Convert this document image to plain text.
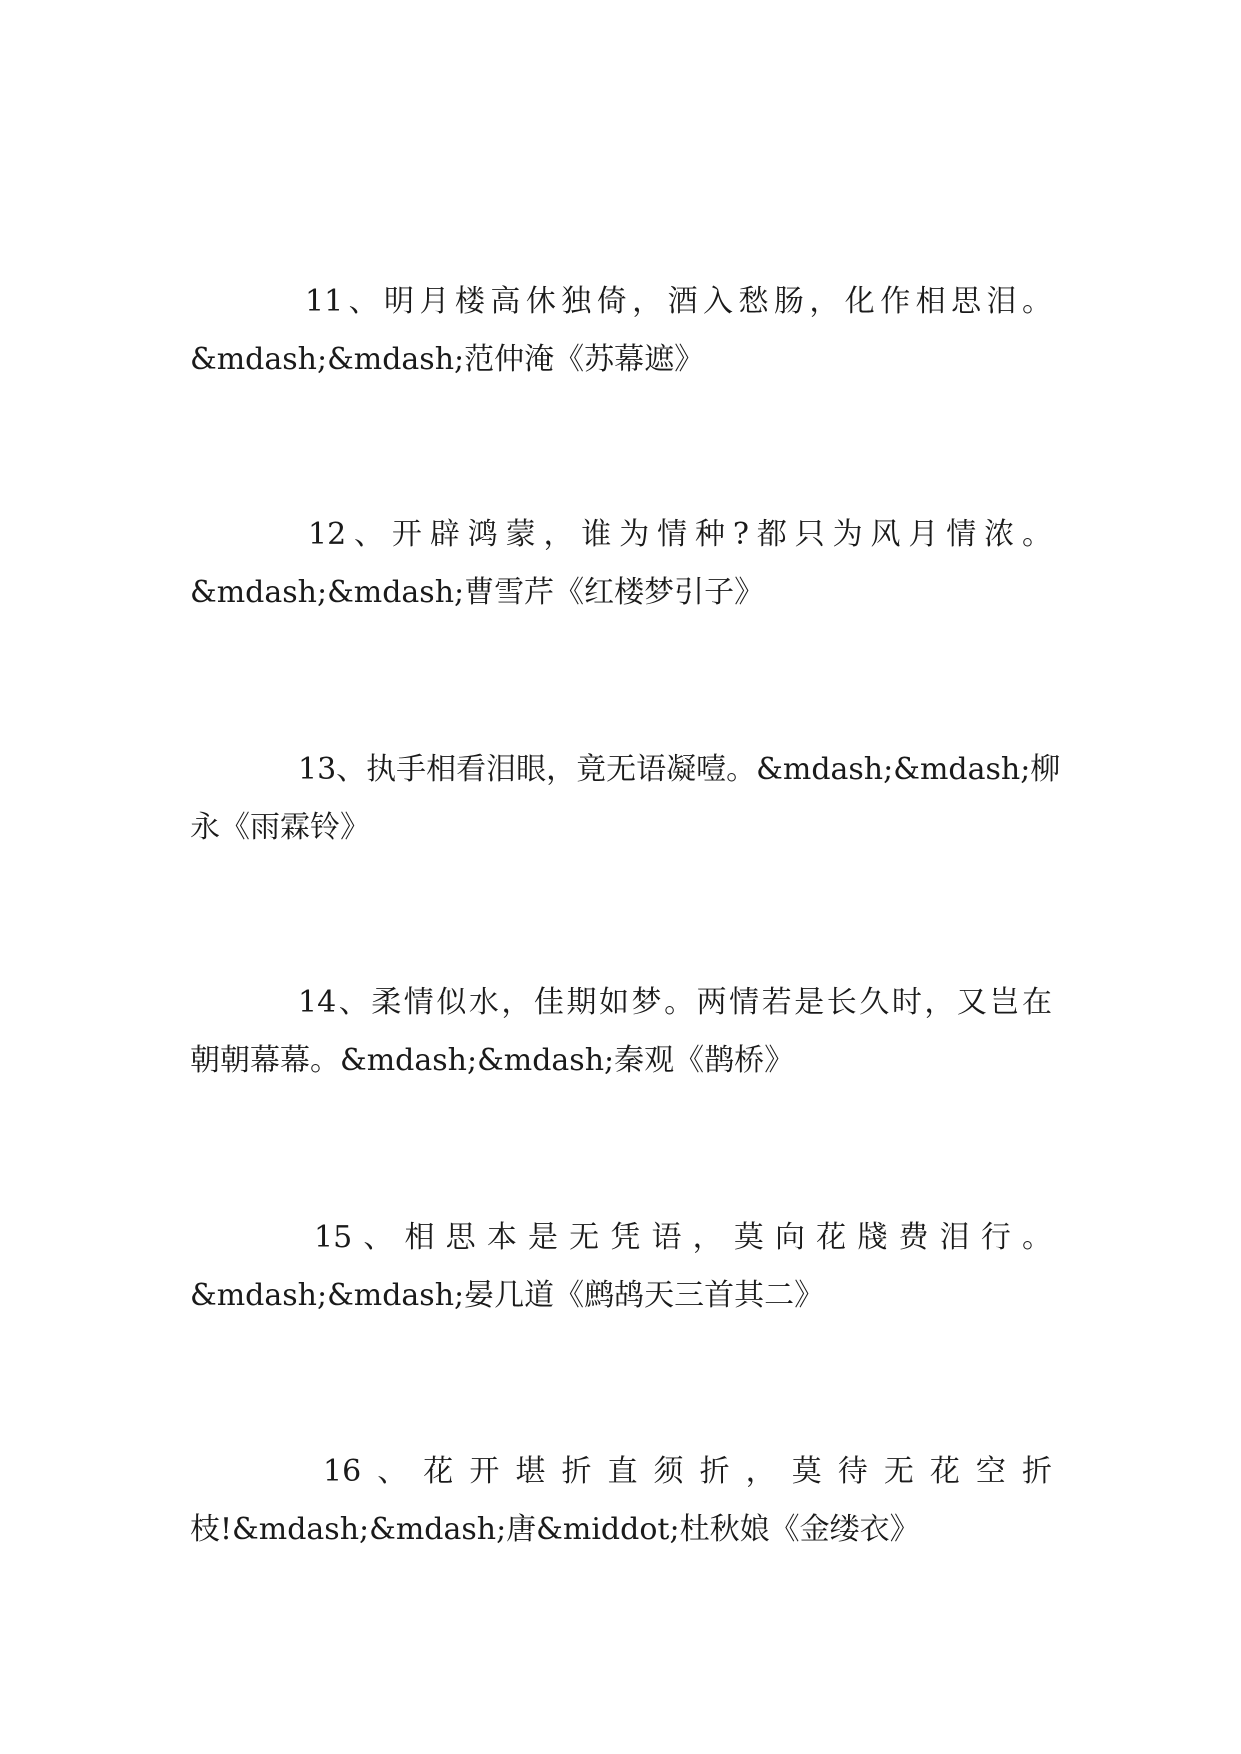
11、明月楼高休独倚，酒入愁肠，化作相思泪。
&mdash;&mdash;范仲淹《苏幕遮》

12、开辟鸿蒙，谁为情种?都只为风月情浓。
&mdash;&mdash;曹雪芹《红楼梦引子》

13、执手相看泪眼，竟无语凝噎。&mdash;&mdash;柳
永《雨霖铃》

14、柔情似水，佳期如梦。两情若是长久时，又岂在
朝朝幕幕。&mdash;&mdash;秦观《鹊桥》

15、相思本是无凭语，莫向花牋费泪行。
&mdash;&mdash;晏几道《鹧鸪天三首其二》

16、花开堪折直须折，莫待无花空折
枝!&mdash;&mdash;唐&middot;杜秋娘《金缕衣》
